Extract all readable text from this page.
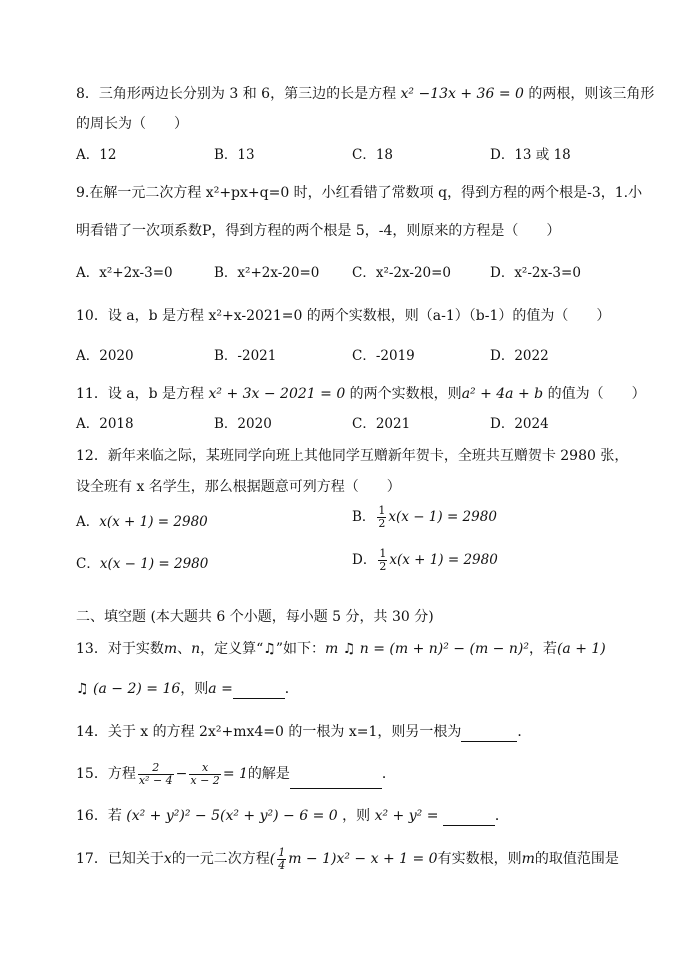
8．三角形两边长分别为 3 和 6，第三边的长是方程 x² −13x + 36 = 0 的两根，则该三角形
的周长为（　　）
A．12	B．13	C．18	D．13 或 18
9.在解一元二次方程 x²+px+q=0 时，小红看错了常数项 q，得到方程的两个根是-3，1.小
明看错了一次项系数P，得到方程的两个根是 5，-4，则原来的方程是（　　）
A．x²+2x-3=0	B．x²+2x-20=0 C．x²-2x-20=0	D．x²-2x-3=0
10．设 a，b 是方程 x²+x-2021=0 的两个实数根，则（a-1）（b-1）的值为（　　）
A．2020	B．-2021	C．-2019	D．2022
11．设 a，b 是方程 x² + 3x − 2021 = 0 的两个实数根，则a² + 4a + b 的值为（　　）
A．2018	B．2020	C．2021	D．2024
12．新年来临之际，某班同学向班上其他同学互赠新年贺卡，全班共互赠贺卡 2980 张，
设全班有 x 名学生，那么根据题意可列方程（　　）
A．x(x + 1) = 2980	B． $\frac{1}{2} x(x - 1) = 2980$
C．x(x − 1) = 2980	D． $\frac{1}{2} x(x + 1) = 2980$
二、填空题 (本大题共 6 个小题，每小题 5 分，共 30 分)
13．对于实数m、n，定义算“♫”如下：m ♫ n = (m + n)² − (m − n)²，若(a + 1)
♫ (a − 2) = 16，则a =	．
14．关于 x 的方程 2x²+mx4=0 的一根为 x=1，则另一根为	．
15．方程 $\frac{2}{\text{x² − 4}} - \frac{x}{x - 2} = 1$的解是	．
16．若 (x² + y²)² − 5(x² + y²) − 6 = 0 ，则 x² + y² =	．
17．已知关于x的一元二次方程( $\frac{1}{4}$ m − 1)x² − x + 1 = 0有实数根，则m的取值范围是
